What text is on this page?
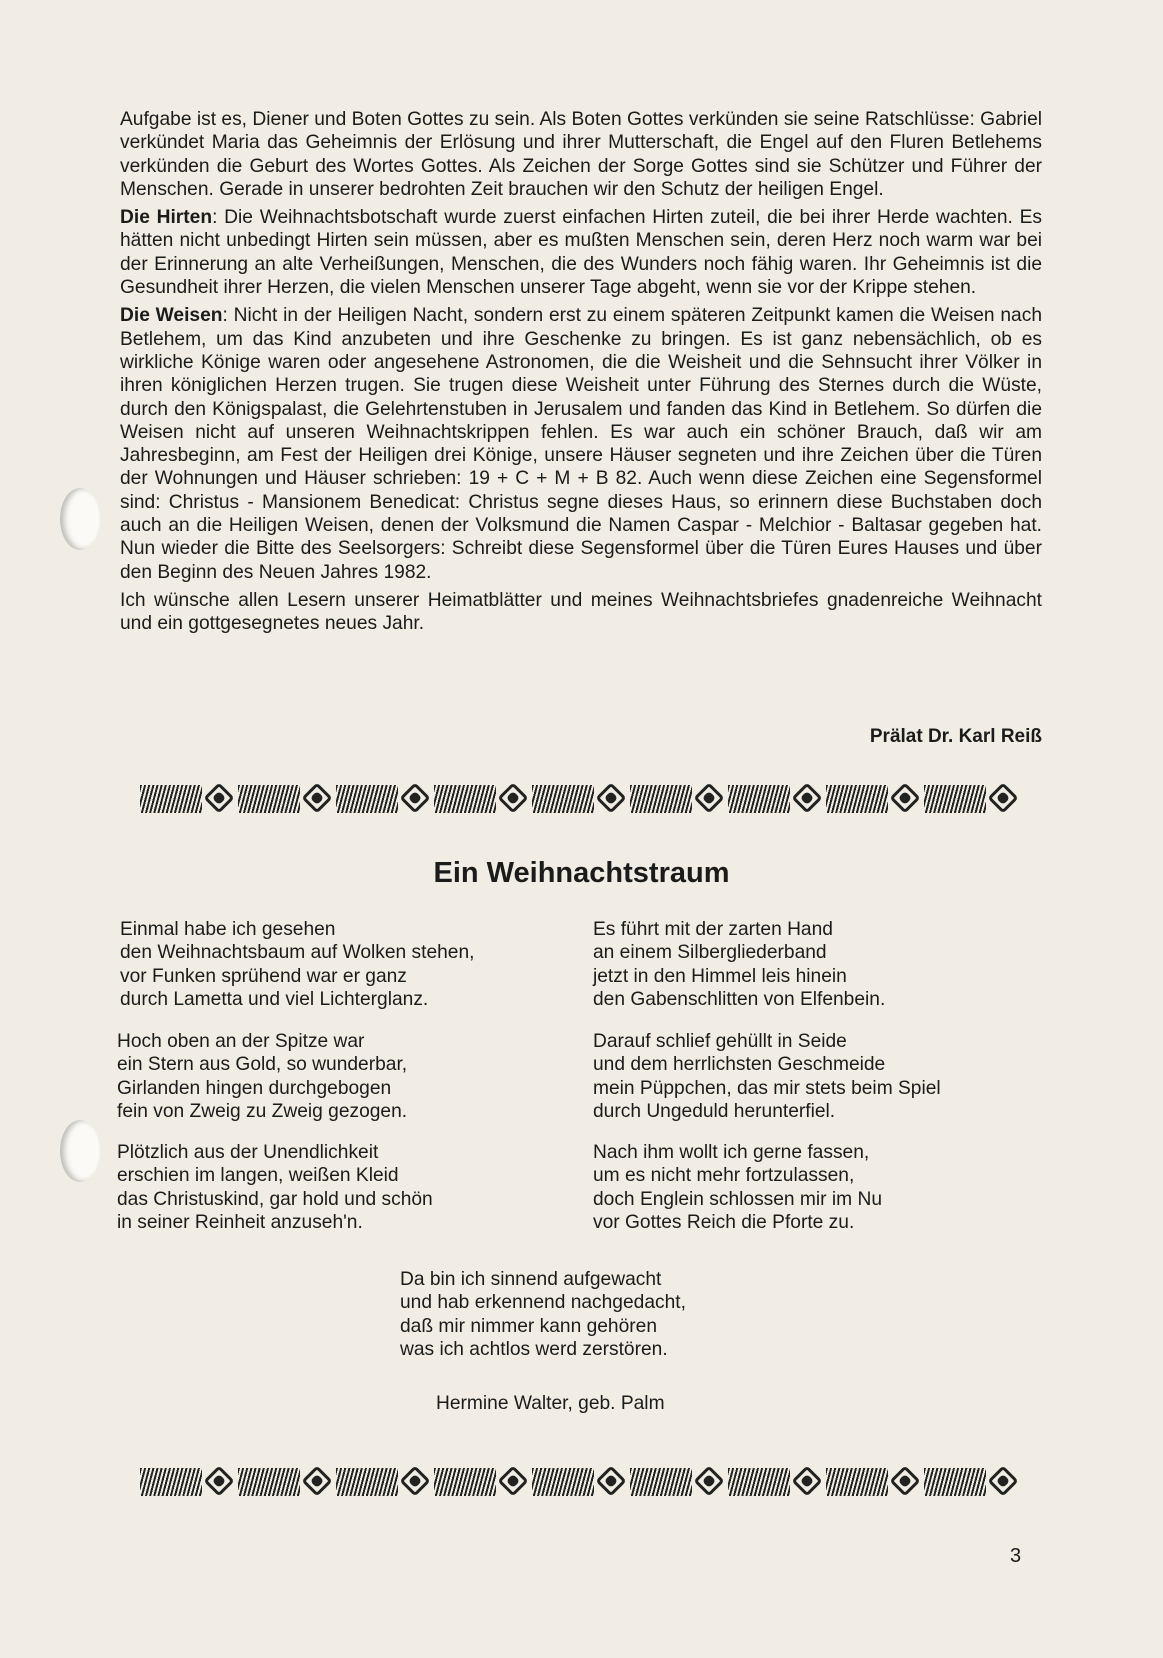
Aufgabe ist es, Diener und Boten Gottes zu sein. Als Boten Gottes verkünden sie seine Ratschlüsse: Gabriel verkündet Maria das Geheimnis der Erlösung und ihrer Mutterschaft, die Engel auf den Fluren Betlehems verkünden die Geburt des Wortes Gottes. Als Zeichen der Sorge Gottes sind sie Schützer und Führer der Menschen. Gerade in unserer bedrohten Zeit brauchen wir den Schutz der heiligen Engel.

Die Hirten: Die Weihnachtsbotschaft wurde zuerst einfachen Hirten zuteil, die bei ihrer Herde wachten. Es hätten nicht unbedingt Hirten sein müssen, aber es mußten Menschen sein, deren Herz noch warm war bei der Erinnerung an alte Verheißungen, Menschen, die des Wunders noch fähig waren. Ihr Geheimnis ist die Gesundheit ihrer Herzen, die vielen Menschen unserer Tage abgeht, wenn sie vor der Krippe stehen.

Die Weisen: Nicht in der Heiligen Nacht, sondern erst zu einem späteren Zeitpunkt kamen die Weisen nach Betlehem, um das Kind anzubeten und ihre Geschenke zu bringen. Es ist ganz nebensächlich, ob es wirkliche Könige waren oder angesehene Astronomen, die die Weisheit und die Sehnsucht ihrer Völker in ihren königlichen Herzen trugen. Sie trugen diese Weisheit unter Führung des Sternes durch die Wüste, durch den Königspalast, die Gelehrtenstuben in Jerusalem und fanden das Kind in Betlehem. So dürfen die Weisen nicht auf unseren Weihnachtskrippen fehlen. Es war auch ein schöner Brauch, daß wir am Jahresbeginn, am Fest der Heiligen drei Könige, unsere Häuser segneten und ihre Zeichen über die Türen der Wohnungen und Häuser schrieben: 19 + C + M + B 82. Auch wenn diese Zeichen eine Segensformel sind: Christus - Mansionem Benedicat: Christus segne dieses Haus, so erinnern diese Buchstaben doch auch an die Heiligen Weisen, denen der Volksmund die Namen Caspar - Melchior - Baltasar gegeben hat. Nun wieder die Bitte des Seelsorgers: Schreibt diese Segensformel über die Türen Eures Hauses und über den Beginn des Neuen Jahres 1982.

Ich wünsche allen Lesern unserer Heimatblätter und meines Weihnachtsbriefes gnadenreiche Weihnacht und ein gottgesegnetes neues Jahr.

Prälat Dr. Karl Reiß
Ein Weihnachtstraum
Einmal habe ich gesehen
den Weihnachtsbaum auf Wolken stehen,
vor Funken sprühend war er ganz
durch Lametta und viel Lichterglanz.
Es führt mit der zarten Hand
an einem Silbergliederband
jetzt in den Himmel leis hinein
den Gabenschlitten von Elfenbein.
Hoch oben an der Spitze war
ein Stern aus Gold, so wunderbar,
Girlanden hingen durchgebogen
fein von Zweig zu Zweig gezogen.
Darauf schlief gehüllt in Seide
und dem herrlichsten Geschmeide
mein Püppchen, das mir stets beim Spiel
durch Ungeduld herunterfiel.
Plötzlich aus der Unendlichkeit
erschien im langen, weißen Kleid
das Christuskind, gar hold und schön
in seiner Reinheit anzuseh'n.
Nach ihm wollt ich gerne fassen,
um es nicht mehr fortzulassen,
doch Englein schlossen mir im Nu
vor Gottes Reich die Pforte zu.
Da bin ich sinnend aufgewacht
und hab erkennend nachgedacht,
daß mir nimmer kann gehören
was ich achtlos werd zerstören.
Hermine Walter, geb. Palm
3
